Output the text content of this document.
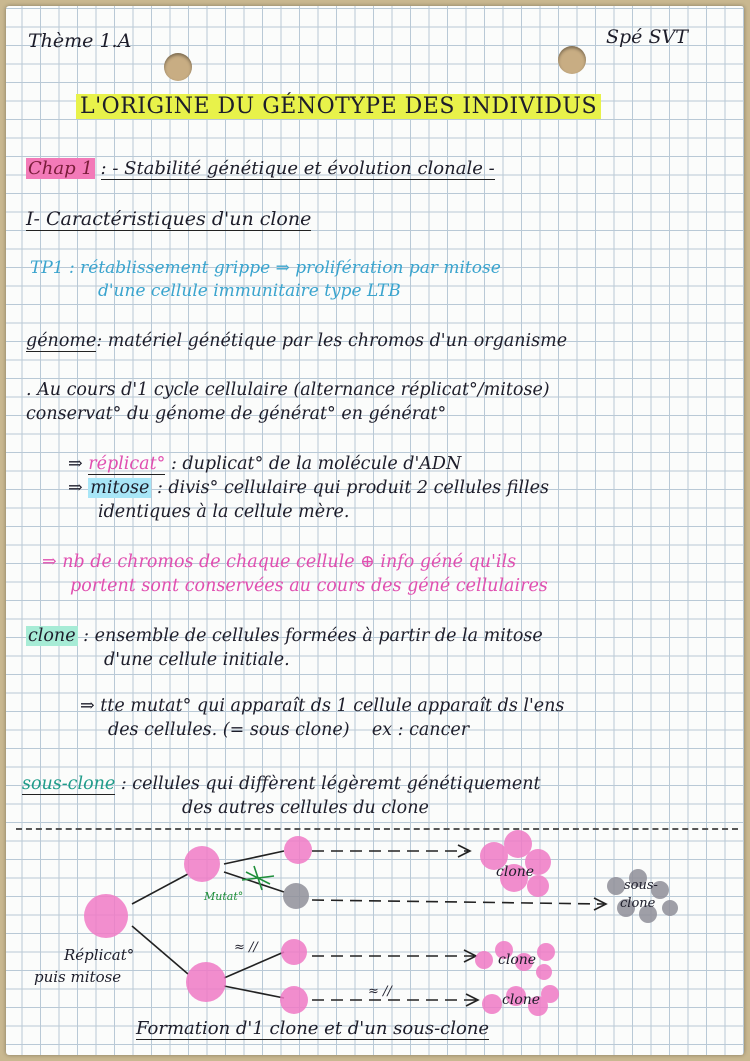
Thème 1.A	Spé SVT
L'ORIGINE DU GÉNOTYPE DES INDIVIDUS
Chap 1 : - Stabilité génétique et évolution clonale -
I- Caractéristiques d'un clone
TP1 : rétablissement grippe ⇒ prolifération par mitose
d'une cellule immunitaire type LTB
génome: matériel génétique par les chromos d'un organisme
. Au cours d'1 cycle cellulaire (alternance réplicat°/mitose)
conservat° du génome de générat° en générat°
⇒ réplicat° : duplicat° de la molécule d'ADN
⇒ mitose : divis° cellulaire qui produit 2 cellules filles
identiques à la cellule mère.
⇒ nb de chromos de chaque cellule ⊕ info géné qu'ils
portent sont conservées au cours des géné cellulaires
clone : ensemble de cellules formées à partir de la mitose
d'une cellule initiale.
⇒ tte mutat° qui apparaît ds 1 cellule apparaît ds l'ens
des cellules. (= sous clone) ex : cancer
sous-clone : cellules qui diffèrent légèremt génétiquement
des autres cellules du clone
Réplicat°
puis mitose
Mutat°
clone
clone
clone
sous-
clone
≈ //
≈ //
Formation d'1 clone et d'un sous-clone
